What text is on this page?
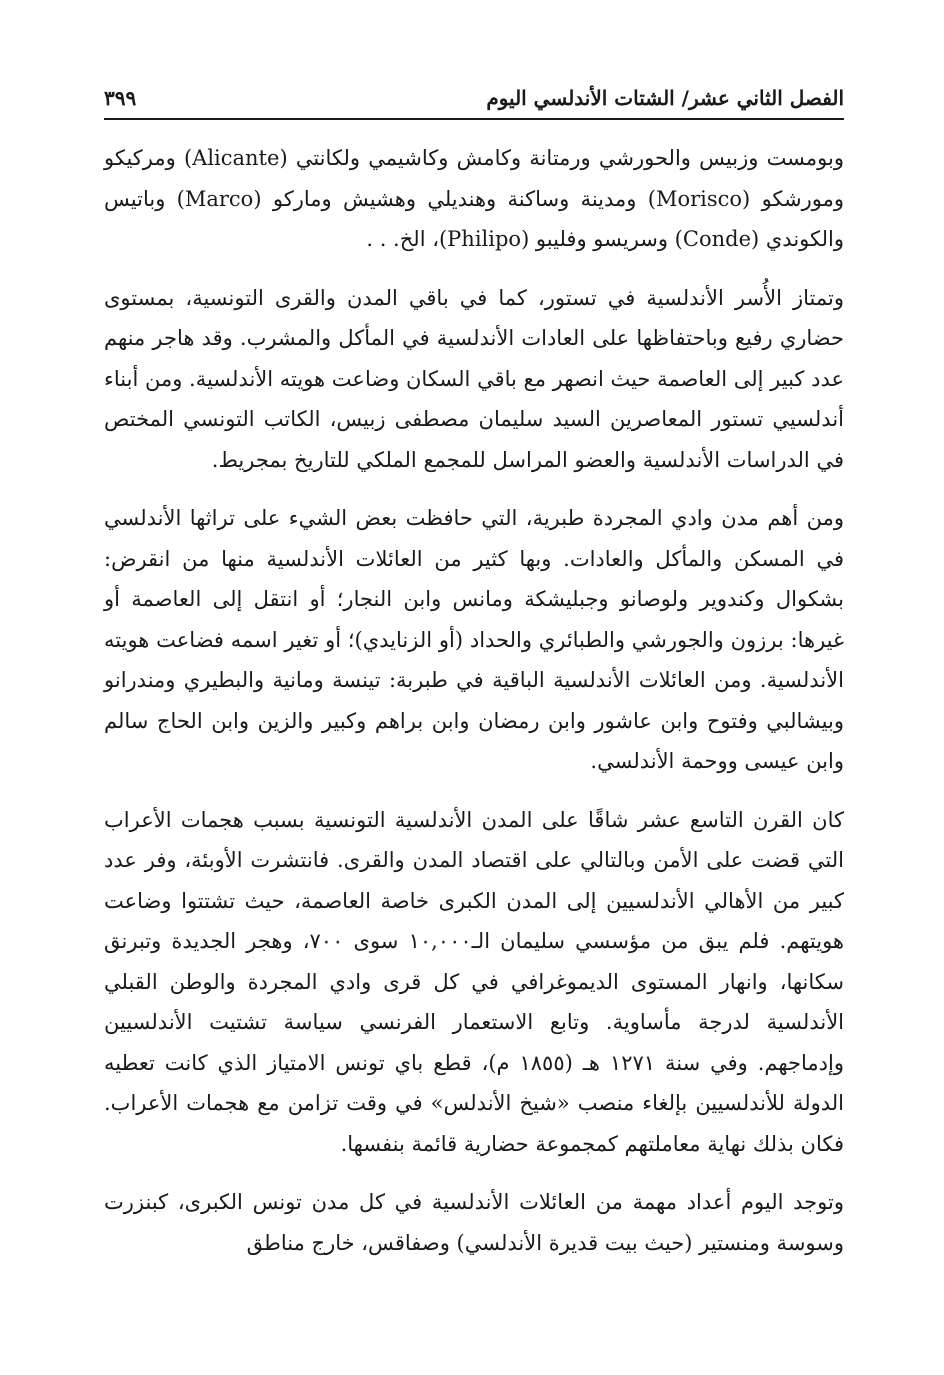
الفصل الثاني عشر/ الشتات الأندلسي اليوم
٣٩٩

وبومست وزبيس والحورشي ورمتانة وكامش وكاشيمي ولكانتي (Alicante) ومركيكو ومورشكو (Morisco) ومدينة وساكنة وهنديلي وهشيش وماركو (Marco) وباتيس والكوندي (Conde) وسريسو وفليبو (Philipo)، الخ. . .

وتمتاز الأُسر الأندلسية في تستور، كما في باقي المدن والقرى التونسية، بمستوى حضاري رفيع وباحتفاظها على العادات الأندلسية في المأكل والمشرب. وقد هاجر منهم عدد كبير إلى العاصمة حيث انصهر مع باقي السكان وضاعت هويته الأندلسية. ومن أبناء أندلسيي تستور المعاصرين السيد سليمان مصطفى زبيس، الكاتب التونسي المختص في الدراسات الأندلسية والعضو المراسل للمجمع الملكي للتاريخ بمجريط.

ومن أهم مدن وادي المجردة طبرية، التي حافظت بعض الشيء على تراثها الأندلسي في المسكن والمأكل والعادات. وبها كثير من العائلات الأندلسية منها من انقرض: بشكوال وكندوير ولوصانو وجبليشكة ومانس وابن النجار؛ أو انتقل إلى العاصمة أو غيرها: برزون والجورشي والطبائري والحداد (أو الزنايدي)؛ أو تغير اسمه فضاعت هويته الأندلسية. ومن العائلات الأندلسية الباقية في طبربة: تينسة ومانية والبطيري ومندرانو وبيشالبي وفتوح وابن عاشور وابن رمضان وابن براهم وكبير والزين وابن الحاج سالم وابن عيسى ووحمة الأندلسي.

كان القرن التاسع عشر شاقًا على المدن الأندلسية التونسية بسبب هجمات الأعراب التي قضت على الأمن وبالتالي على اقتصاد المدن والقرى. فانتشرت الأوبئة، وفر عدد كبير من الأهالي الأندلسيين إلى المدن الكبرى خاصة العاصمة، حيث تشتتوا وضاعت هويتهم. فلم يبق من مؤسسي سليمان الـ١٠,٠٠٠ سوى ٧٠٠، وهجر الجديدة وتبرنق سكانها، وانهار المستوى الديموغرافي في كل قرى وادي المجردة والوطن القبلي الأندلسية لدرجة مأساوية. وتابع الاستعمار الفرنسي سياسة تشتيت الأندلسيين وإدماجهم. وفي سنة ١٢٧١ هـ (١٨٥٥ م)، قطع باي تونس الامتياز الذي كانت تعطيه الدولة للأندلسيين بإلغاء منصب «شيخ الأندلس» في وقت تزامن مع هجمات الأعراب. فكان بذلك نهاية معاملتهم كمجموعة حضارية قائمة بنفسها.

وتوجد اليوم أعداد مهمة من العائلات الأندلسية في كل مدن تونس الكبرى، كبنزرت وسوسة ومنستير (حيث بيت قديرة الأندلسي) وصفاقس، خارج مناطق
